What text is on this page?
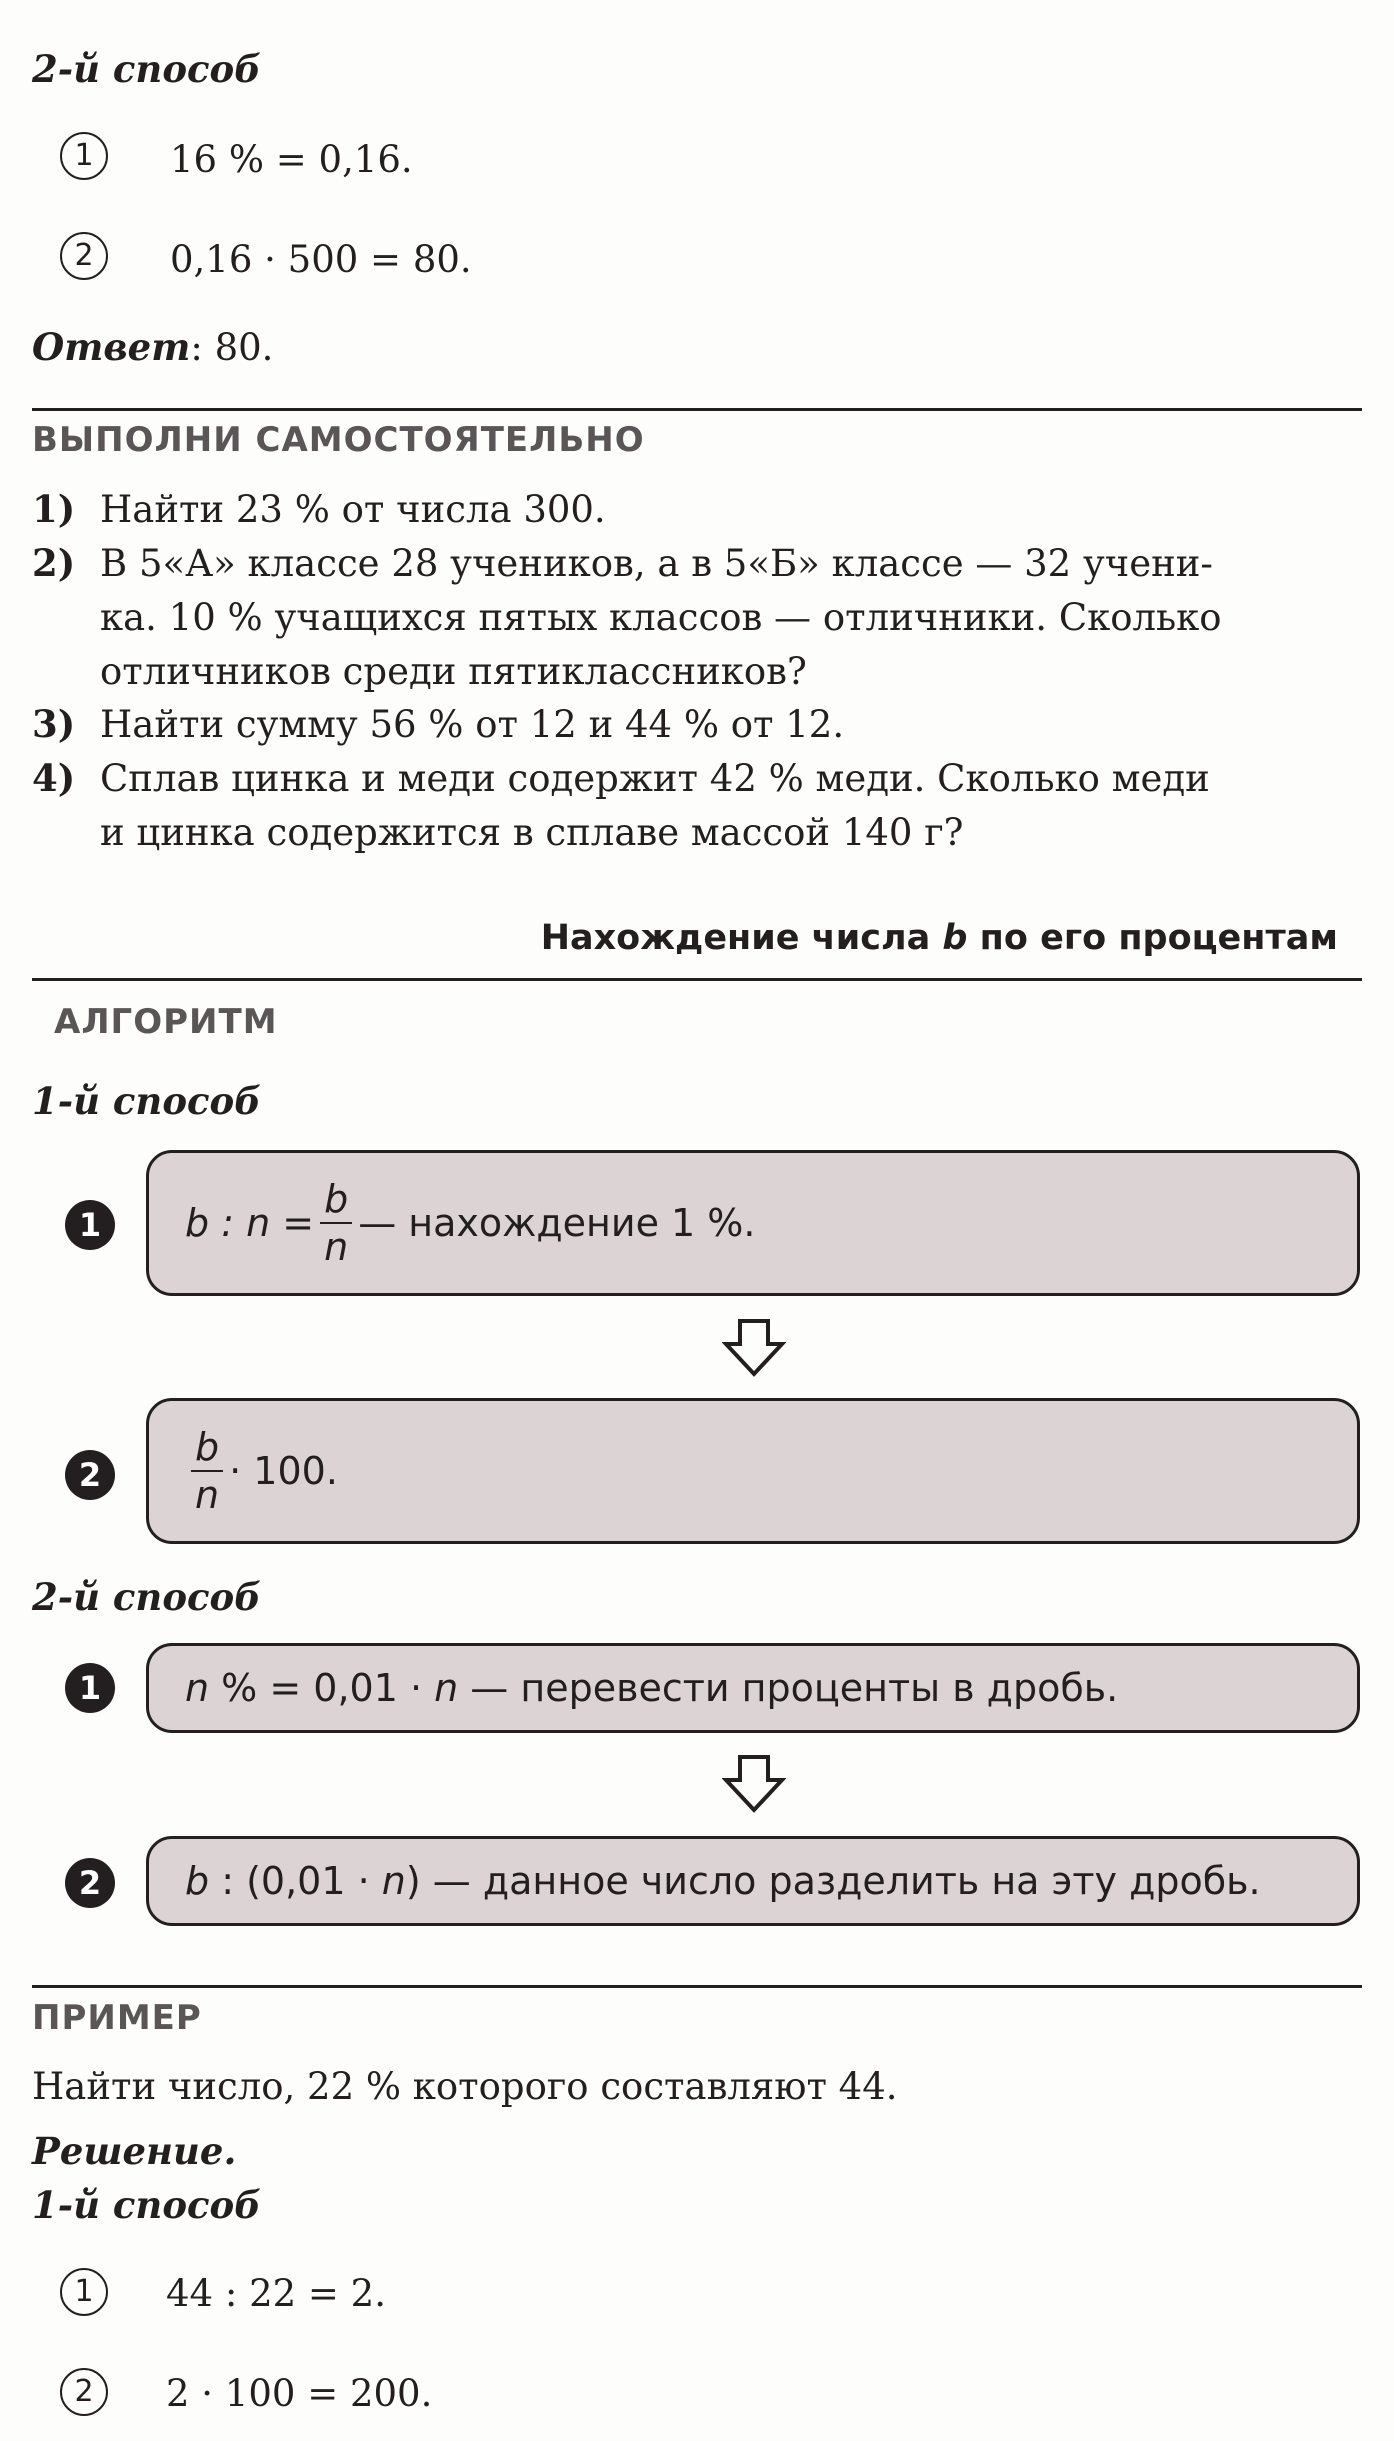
2-й способ
1	16 % = 0,16.
2	0,16 · 500 = 80.
Ответ: 80.
ВЫПОЛНИ САМОСТОЯТЕЛЬНО
1) Найти 23 % от числа 300.
2) В 5«А» классе 28 учеников, а в 5«Б» классе — 32 учени-
ка. 10 % учащихся пятых классов — отличники. Сколько
отличников среди пятиклассников?
3) Найти сумму 56 % от 12 и 44 % от 12.
4) Сплав цинка и меди содержит 42 % меди. Сколько меди
и цинка содержится в сплаве массой 140 г?
Нахождение числа b по его процентам
АЛГОРИТМ
1-й способ
1	b : $n = \frac{b}{n}$ — нахождение 1 %.
2	$\frac{b}{n} \cdot 100$.
2-й способ
1	n % = 0,01 · n — перевести проценты в дробь.
2	b : (0,01 · n ) — данное число разделить на эту дробь.
ПРИМЕР
Найти число, 22 % которого составляют 44.
Решение.
1-й способ
1	44 : 22 = 2.
2	2 · 100 = 200.
